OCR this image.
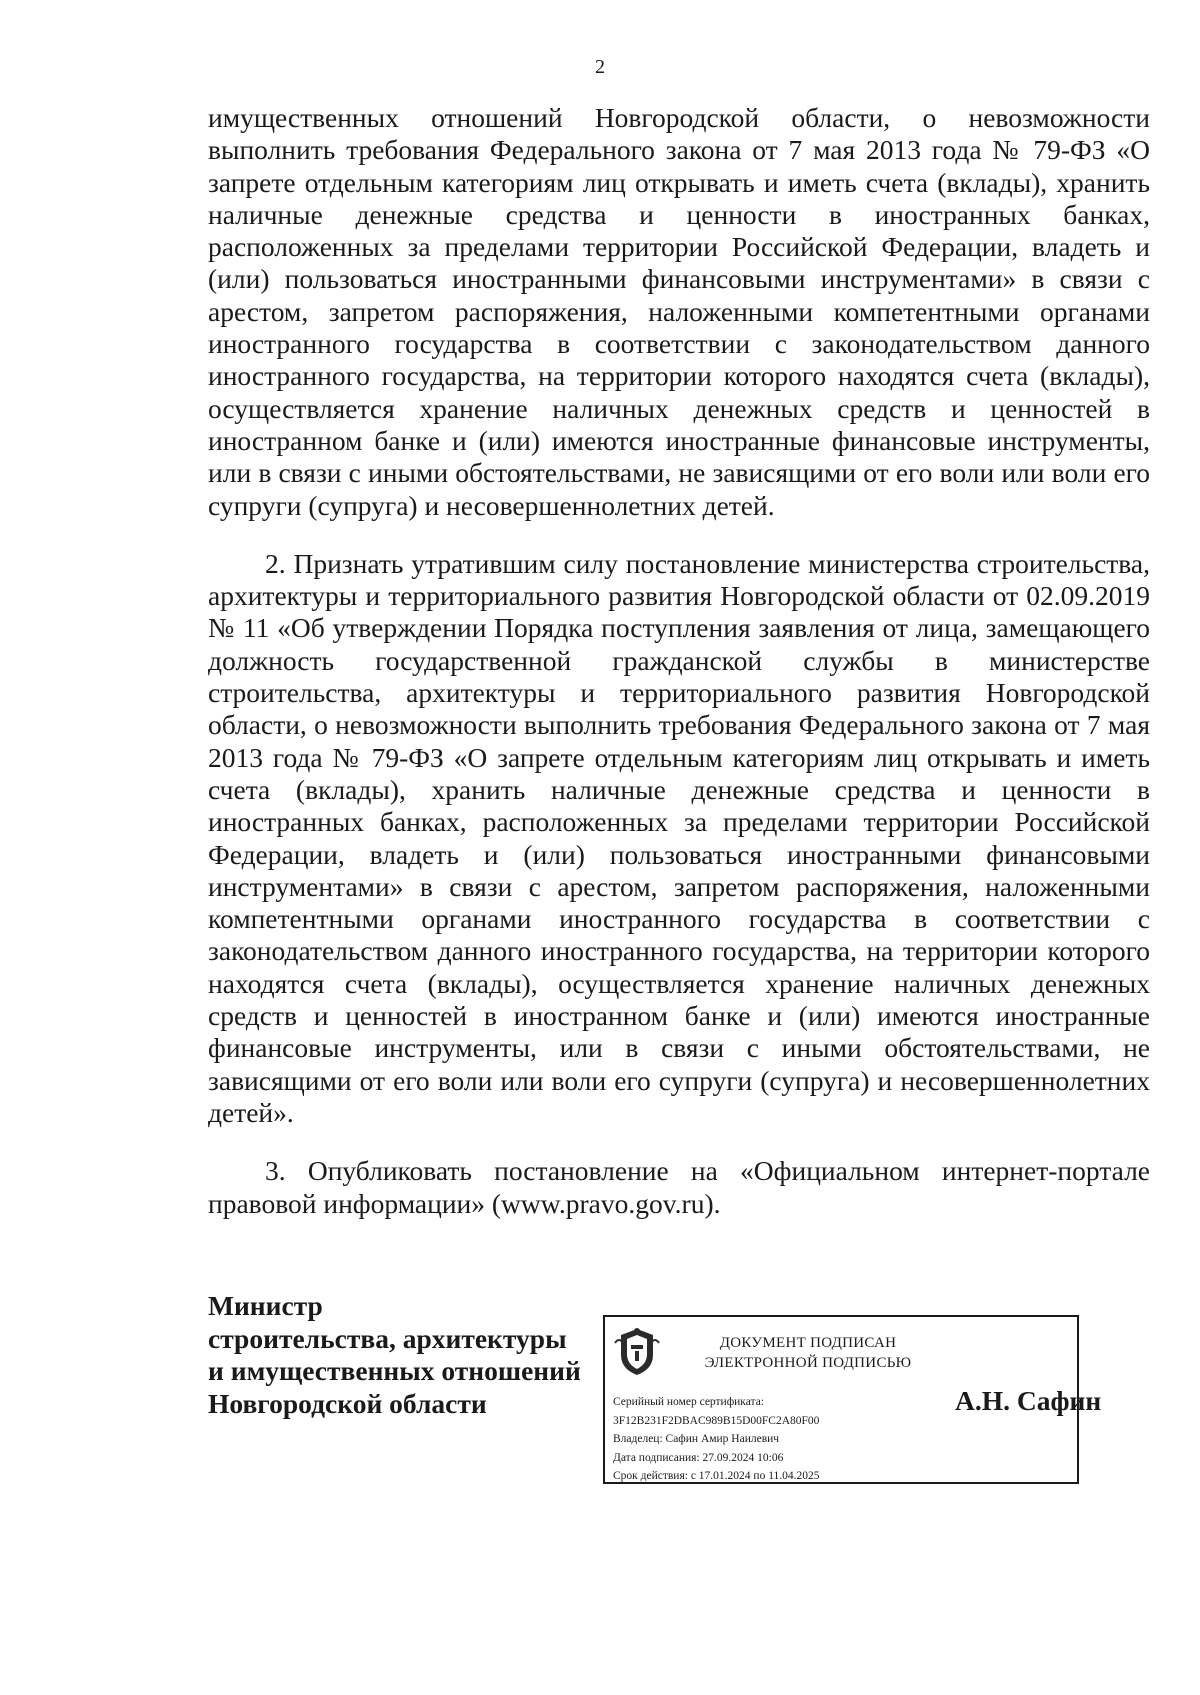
2

имущественных отношений Новгородской области, о невозможности выполнить требования Федерального закона от 7 мая 2013 года № 79-ФЗ «О запрете отдельным категориям лиц открывать и иметь счета (вклады), хранить наличные денежные средства и ценности в иностранных банках, расположенных за пределами территории Российской Федерации, владеть и (или) пользоваться иностранными финансовыми инструментами» в связи с арестом, запретом распоряжения, наложенными компетентными органами иностранного государства в соответствии с законодательством данного иностранного государства, на территории которого находятся счета (вклады), осуществляется хранение наличных денежных средств и ценностей в иностранном банке и (или) имеются иностранные финансовые инструменты, или в связи с иными обстоятельствами, не зависящими от его воли или воли его супруги (супруга) и несовершеннолетних детей.

2. Признать утратившим силу постановление министерства строительства, архитектуры и территориального развития Новгородской области от 02.09.2019 № 11 «Об утверждении Порядка поступления заявления от лица, замещающего должность государственной гражданской службы в министерстве строительства, архитектуры и территориального развития Новгородской области, о невозможности выполнить требования Федерального закона от 7 мая 2013 года № 79-ФЗ «О запрете отдельным категориям лиц открывать и иметь счета (вклады), хранить наличные денежные средства и ценности в иностранных банках, расположенных за пределами территории Российской Федерации, владеть и (или) пользоваться иностранными финансовыми инструментами» в связи с арестом, запретом распоряжения, наложенными компетентными органами иностранного государства в соответствии с законодательством данного иностранного государства, на территории которого находятся счета (вклады), осуществляется хранение наличных денежных средств и ценностей в иностранном банке и (или) имеются иностранные финансовые инструменты, или в связи с иными обстоятельствами, не зависящими от его воли или воли его супруги (супруга) и несовершеннолетних детей».

3. Опубликовать постановление на «Официальном интернет-портале правовой информации» (www.pravo.gov.ru).

Министр
строительства, архитектуры
и имущественных отношений
Новгородской области
ДОКУМЕНТ ПОДПИСАН
ЭЛЕКТРОННОЙ ПОДПИСЬЮ
Серийный номер сертификата:
3F12B231F2DBAC989B15D00FC2A80F00
Владелец: Сафин Амир Наилевич
Дата подписания: 27.09.2024 10:06
Срок действия: с 17.01.2024 по 11.04.2025
А.Н. Сафин
